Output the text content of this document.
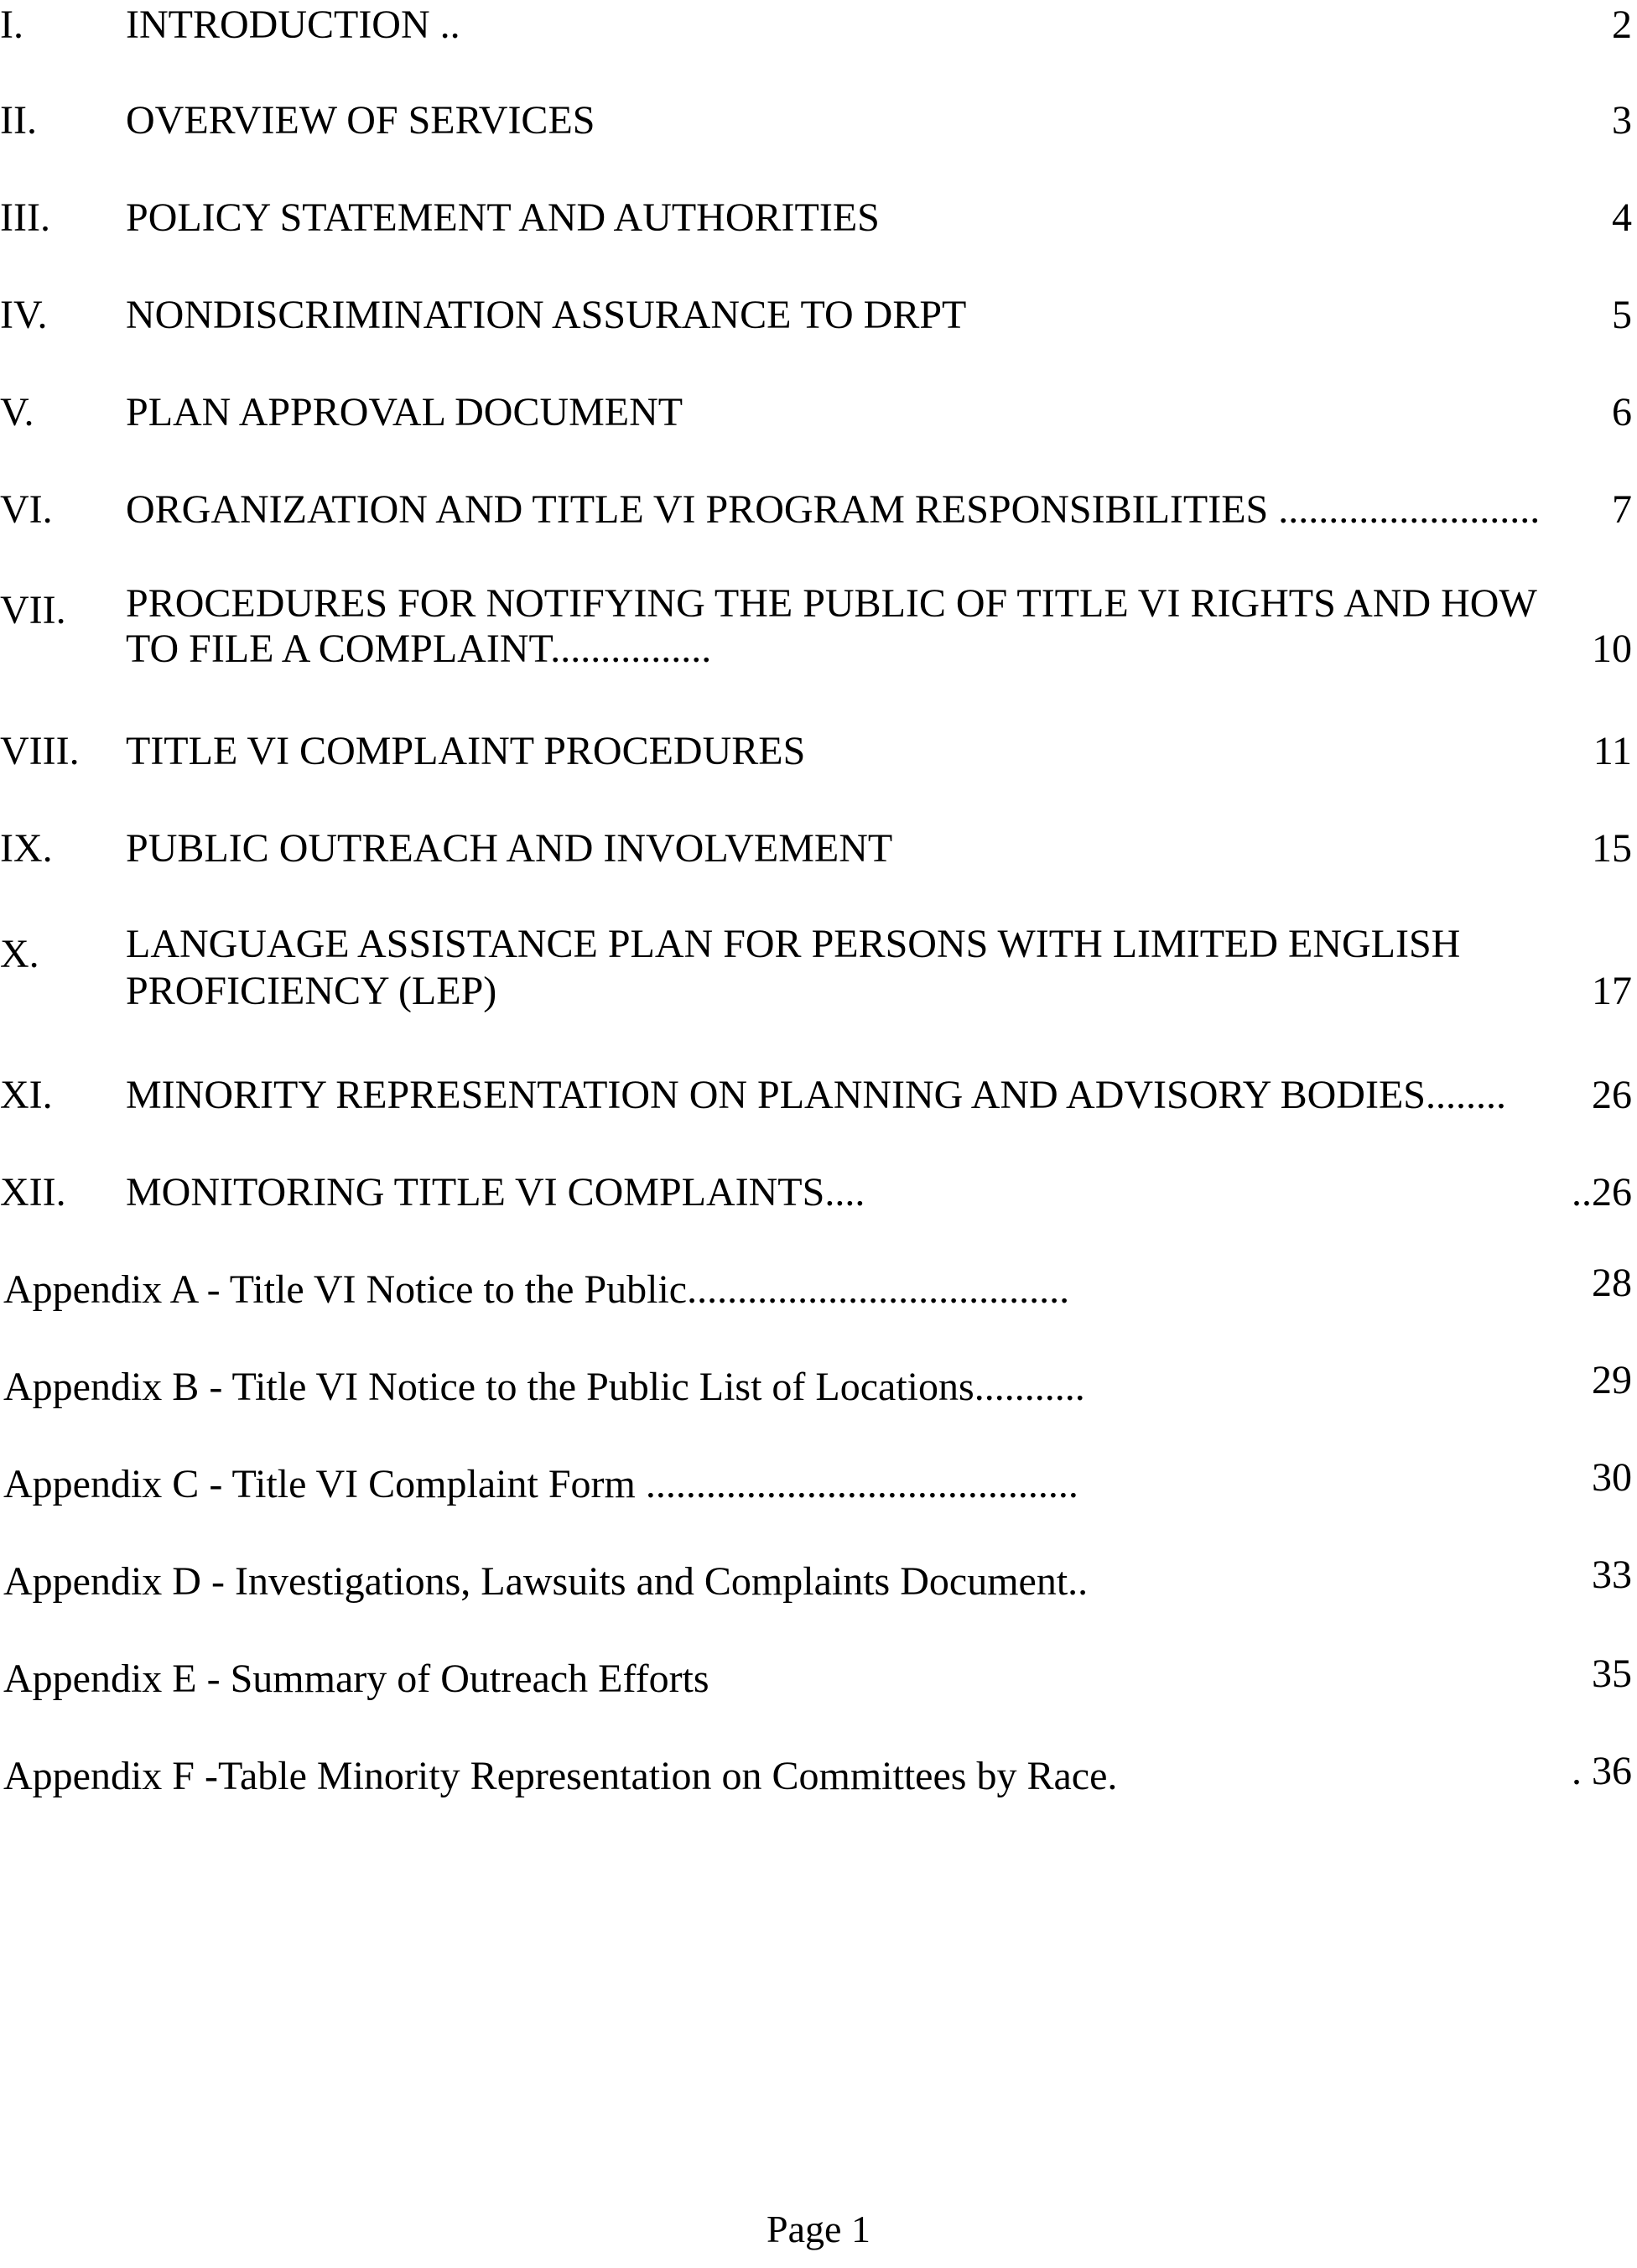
I.	INTRODUCTION ..	2
II. OVERVIEW OF SERVICES	3
III. POLICY STATEMENT AND AUTHORITIES	4
IV. NONDISCRIMINATION ASSURANCE TO DRPT	5
V. PLAN APPROVAL DOCUMENT	6
VI. ORGANIZATION AND TITLE VI PROGRAM RESPONSIBILITIES .......................... 7
VII. PROCEDURES FOR NOTIFYING THE PUBLIC OF TITLE VI RIGHTS AND HOW
TO FILE A COMPLAINT................	10
VIII. TITLE VI COMPLAINT PROCEDURES	11
IX. PUBLIC OUTREACH AND INVOLVEMENT	15
X. LANGUAGE ASSISTANCE PLAN FOR PERSONS WITH LIMITED ENGLISH
PROFICIENCY (LEP)	17
XI. MINORITY REPRESENTATION ON PLANNING AND ADVISORY BODIES........ 26
XII. MONITORING TITLE VI COMPLAINTS....	..26
Appendix A - Title VI Notice to the Public......................................	28
Appendix B - Title VI Notice to the Public List of Locations...........	29
Appendix C - Title VI Complaint Form ...........................................	30
Appendix D - Investigations, Lawsuits and Complaints Document..	33
Appendix E - Summary of Outreach Efforts	35
Appendix F -Table Minority Representation on Committees by Race.	. 36
Page 1
